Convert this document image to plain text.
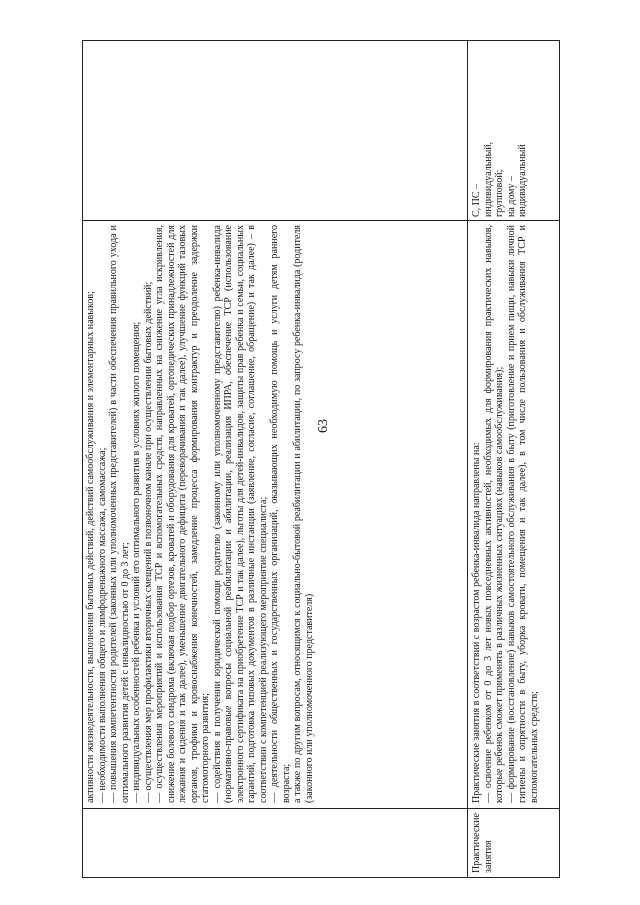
63

активности жизнедеятельности, выполнения бытовых действий, действий самообслуживания и элементарных навыков; — необходимости выполнения общего и лимфодренажного массажа, самомассажа; — повышения компетентности родителей (законных или уполномоченных представителей) в части обеспечения правильного ухода и оптимального развития детей с инвалидностью от 0 до 3 лет; — индивидуальных особенностей ребенка и условий его оптимального развития в условиях жилого помещения; — осуществления мер профилактики вторичных смещений в позвоночном канале при осуществлении бытовых действий; — осуществления мероприятий и использования ТСР и вспомогательных средств, направленных на снижение угла искривления, снижение болевого синдрома (включая подбор ортезов, кроватей и оборудования для кроватей, ортопедических принадлежностей для лежания и сидения и так далее), уменьшение двигательного дефицита (переворачивания и так далее), улучшение функций тазовых органов, трофики и кровоснабжения конечностей, замедление процесса формирования контрактур и преодоление задержки статомоторного развития; — содействия в получении юридической помощи родителю (законному или уполномоченному представителю) ребенка-инвалида (нормативно-правовые вопросы социальной реабилитации и абилитации, реализация ИПРА, обеспечение ТСР (использование электронного сертификата на приобретение ТСР и так далее), льготы для детей-инвалидов, защиты прав ребенка и семьи, социальных гарантий, подготовка типовых документов в различные инстанции (заявление, согласие, соглашение, обращение) и так далее) – в соответствии с компетенцией реализующего мероприятие специалиста; — деятельности общественных и государственных организаций, оказывающих необходимую помощь и услуги детям раннего возраста; а также по другим вопросам, относящимся к социально-бытовой реабилитации и абилитации, по запросу ребенка-инвалида (родителя (законного или уполномоченного представителя)

Практические занятия

Практические занятия в соответствии с возрастом ребенка-инвалида направлены на: — освоение ребенком от 0 до 3 лет новых повседневных активностей, необходимых для формирования практических навыков, которые ребенок сможет применять в различных жизненных ситуациях (навыков самообслуживания); — формирование (восстановление) навыков самостоятельного обслуживания в быту (приготовление и прием пищи, навыки личной гигиены и опрятности в быту, уборка кровати, помещения и так далее), в том числе пользования и обслуживания ТСР и вспомогательных средств;

С, ПС – индивидуальный, групповой; на дому – индивидуальный
